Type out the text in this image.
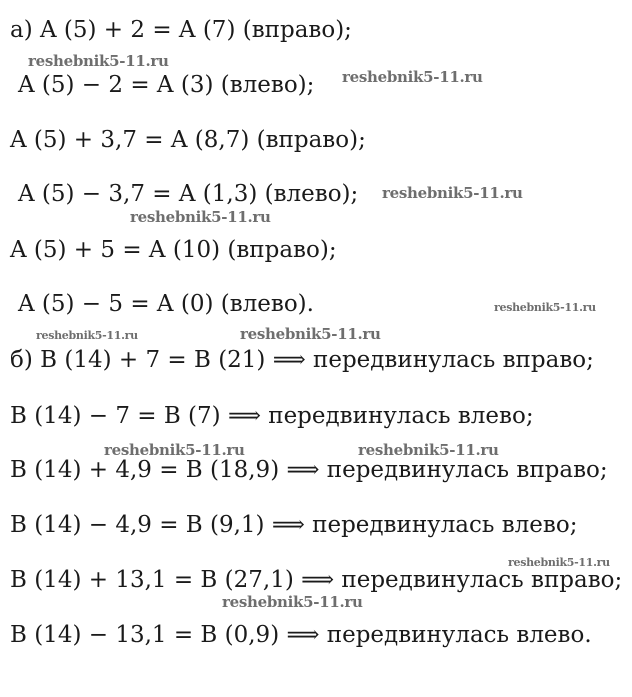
а) A (5) + 2 = A (7) (вправо);
A (5) − 2 = A (3) (влево);
A (5) + 3,7 = A (8,7) (вправо);
A (5) − 3,7 = A (1,3) (влево);
A (5) + 5 = A (10) (вправо);
A (5) − 5 = A (0) (влево).
б) B (14) + 7 = B (21) ⟹ передвинулась вправо;
B (14) − 7 = B (7) ⟹ передвинулась влево;
B (14) + 4,9 = B (18,9) ⟹ передвинулась вправо;
B (14) − 4,9 = B (9,1) ⟹ передвинулась влево;
B (14) + 13,1 = B (27,1) ⟹ передвинулась вправо;
B (14) − 13,1 = B (0,9) ⟹ передвинулась влево.
reshebnik5-11.ru
reshebnik5-11.ru
reshebnik5-11.ru
reshebnik5-11.ru
reshebnik5-11.ru
reshebnik5-11.ru	reshebnik5-11.ru
reshebnik5-11.ru	reshebnik5-11.ru
reshebnik5-11.ru
reshebnik5-11.ru
